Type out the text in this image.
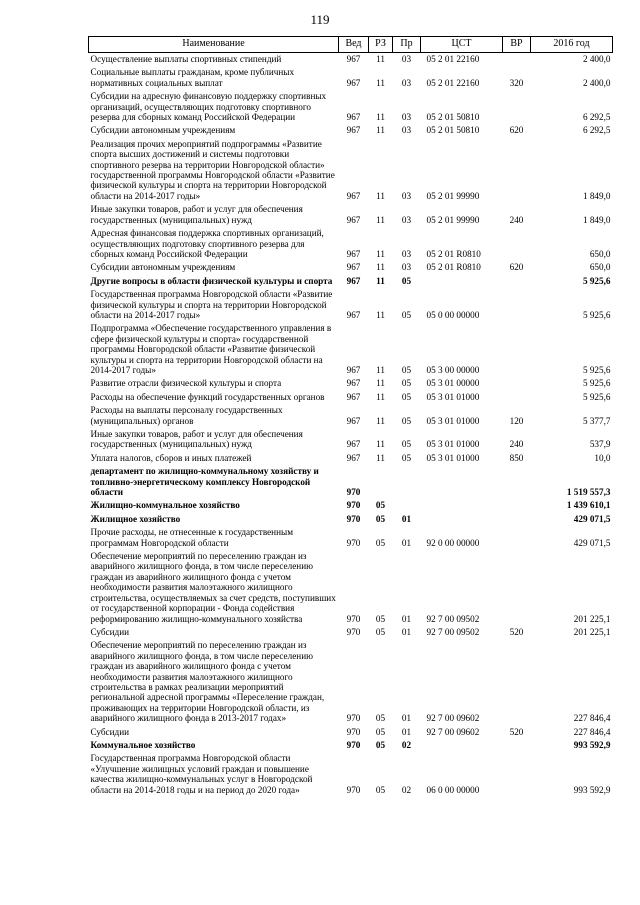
119
Наименование	Вед	РЗ	Пр	ЦСТ	ВР	2016 год
Осуществление выплаты спортивных стипендий	967	11	03	05 2 01 22160		2 400,0
Социальные выплаты гражданам, кроме публичных нормативных социальных выплат	967	11	03	05 2 01 22160	320	2 400,0
Субсидии на адресную финансовую поддержку спортивных организаций, осуществляющих подготовку спортивного резерва для сборных команд Российской Федерации	967	11	03	05 2 01 50810		6 292,5
Субсидии автономным учреждениям	967	11	03	05 2 01 50810	620	6 292,5
Реализация прочих мероприятий подпрограммы «Развитие спорта высших достижений и системы подготовки спортивного резерва на территории Новгородской области» государственной программы Новгородской области «Развитие физической культуры и спорта на территории Новгородской области на 2014-2017 годы»	967	11	03	05 2 01 99990		1 849,0
Иные закупки товаров, работ и услуг для обеспечения государственных (муниципальных) нужд	967	11	03	05 2 01 99990	240	1 849,0
Адресная финансовая поддержка спортивных организаций, осуществляющих подготовку спортивного резерва для сборных команд Российской Федерации	967	11	03	05 2 01 R0810		650,0
Субсидии автономным учреждениям	967	11	03	05 2 01 R0810	620	650,0
Другие вопросы в области физической культуры и спорта	967	11	05			5 925,6
Государственная программа Новгородской области «Развитие физической культуры и спорта на территории Новгородской области на 2014-2017 годы»	967	11	05	05 0 00 00000		5 925,6
Подпрограмма «Обеспечение государственного управления в сфере физической культуры и спорта» государственной программы Новгородской области «Развитие физической культуры и спорта на территории Новгородской области на 2014-2017 годы»	967	11	05	05 3 00 00000		5 925,6
Развитие отрасли физической культуры и спорта	967	11	05	05 3 01 00000		5 925,6
Расходы на обеспечение функций государственных органов	967	11	05	05 3 01 01000		5 925,6
Расходы на выплаты персоналу государственных (муниципальных) органов	967	11	05	05 3 01 01000	120	5 377,7
Иные закупки товаров, работ и услуг для обеспечения государственных (муниципальных) нужд	967	11	05	05 3 01 01000	240	537,9
Уплата налогов, сборов и иных платежей	967	11	05	05 3 01 01000	850	10,0
департамент по жилищно-коммунальному хозяйству и топливно-энергетическому комплексу Новгородской области	970					1 519 557,3
Жилищно-коммунальное хозяйство	970	05				1 439 610,1
Жилищное хозяйство	970	05	01			429 071,5
Прочие расходы, не отнесенные к государственным программам Новгородской области	970	05	01	92 0 00 00000		429 071,5
Обеспечение мероприятий по переселению граждан из аварийного жилищного фонда, в том числе переселению граждан из аварийного жилищного фонда с учетом необходимости развития малоэтажного жилищного строительства, осуществляемых за счет средств, поступивших от государственной корпорации - Фонда содействия реформированию жилищно-коммунального хозяйства	970	05	01	92 7 00 09502		201 225,1
Субсидии	970	05	01	92 7 00 09502	520	201 225,1
Обеспечение мероприятий по переселению граждан из аварийного жилищного фонда, в том числе переселению граждан из аварийного жилищного фонда с учетом необходимости развития малоэтажного жилищного строительства в рамках реализации мероприятий региональной адресной программы «Переселение граждан, проживающих на территории Новгородской области, из аварийного жилищного фонда в 2013-2017 годах»	970	05	01	92 7 00 09602		227 846,4
Субсидии	970	05	01	92 7 00 09602	520	227 846,4
Коммунальное хозяйство	970	05	02			993 592,9
Государственная программа Новгородской области «Улучшение жилищных условий граждан и повышение качества жилищно-коммунальных услуг в Новгородской области на 2014-2018 годы и на период до 2020 года»	970	05	02	06 0 00 00000		993 592,9
